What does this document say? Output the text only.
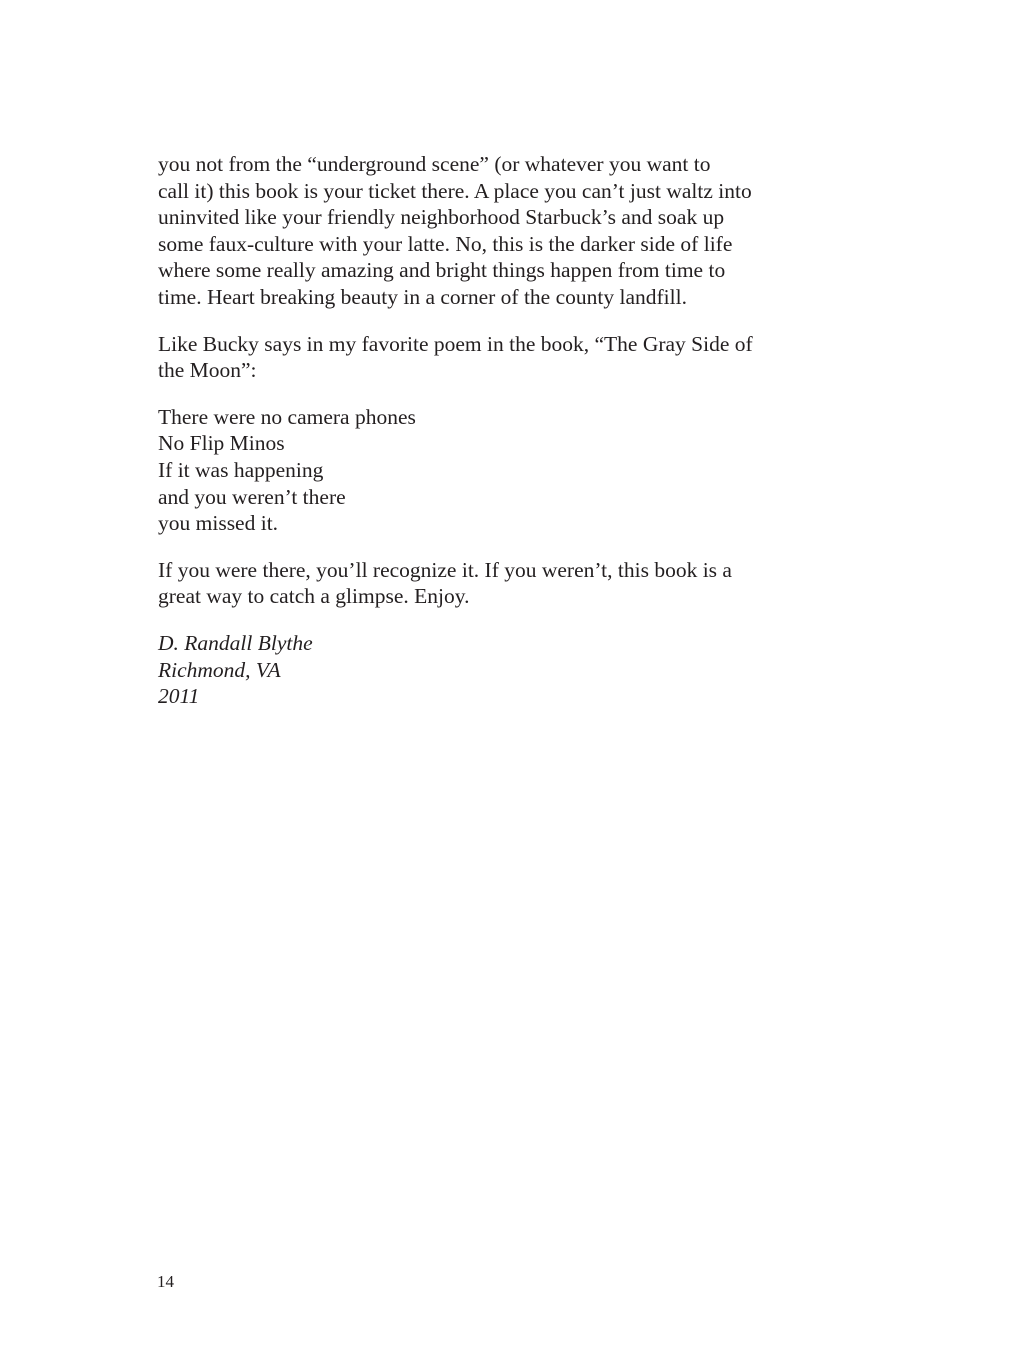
you not from the “underground scene” (or whatever you want to
call it) this book is your ticket there. A place you can’t just waltz into
uninvited like your friendly neighborhood Starbuck’s and soak up
some faux-culture with your latte. No, this is the darker side of life
where some really amazing and bright things happen from time to
time. Heart breaking beauty in a corner of the county landfill.

Like Bucky says in my favorite poem in the book, “The Gray Side of
the Moon”:

There were no camera phones
No Flip Minos
If it was happening
and you weren’t there
you missed it.

If you were there, you’ll recognize it. If you weren’t, this book is a
great way to catch a glimpse. Enjoy.

D. Randall Blythe
Richmond, VA
2011

14
